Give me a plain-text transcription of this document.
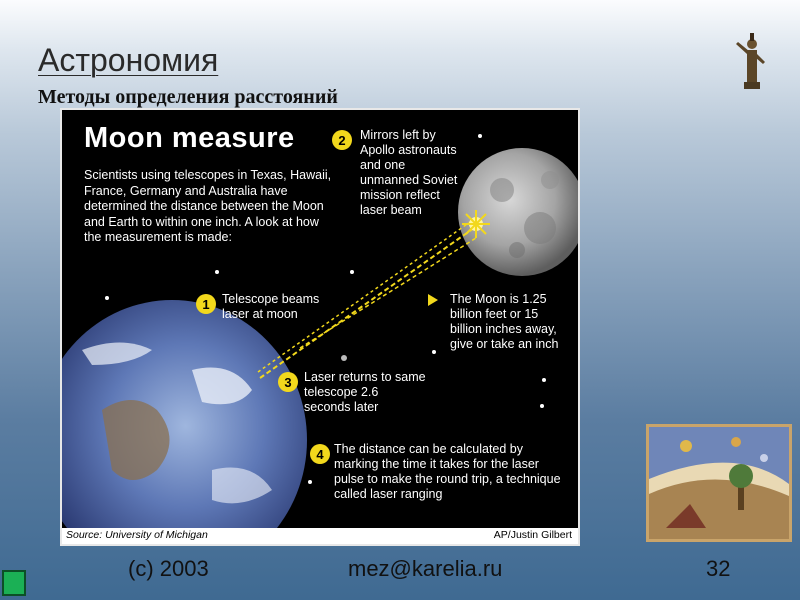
Астрономия
Методы определения расстояний
Moon measure
Scientists using telescopes in Texas, Hawaii, France, Germany and Australia have determined the distance between the Moon and Earth to within one inch. A look at how the measurement is made:
2	Mirrors left by Apollo astronauts and one unmanned Soviet mission reflect laser beam
1 Telescope beams laser at moon
The Moon is 1.25 billion feet or 15 billion inches away, give or take an inch
3 Laser returns to same telescope 2.6 seconds later
4 The distance can be calculated by marking the time it takes for the laser pulse to make the round trip, a technique called laser ranging
Source: University of Michigan	AP/Justin Gilbert
(c) 2003	mez@karelia.ru	32
